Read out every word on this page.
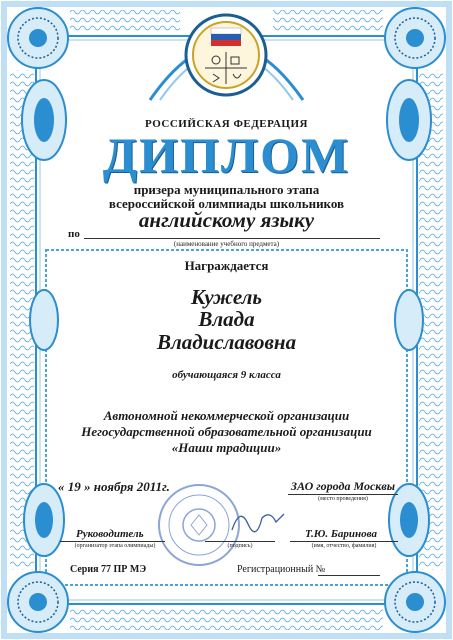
РОССИЙСКАЯ ФЕДЕРАЦИЯ
ДИПЛОМ
призера муниципального этапа
всероссийской олимпиады школьников
английскому языку
по
(наименование учебного предмета)
Награждается
Кужель
Влада
Владиславовна
обучающаяся 9 класса
Автономной некоммерческой организации
Негосударственной образовательной организации
«Наши традиции»
« 19 » ноября 2011г.	ЗАО города Москвы
(место проведения)
Руководитель
(организатор этапа олимпиады)	(подпись)
Т.Ю. Баринова
(имя, отчество, фамилия)
Серия 77 ПР МЭ	Регистрационный №
